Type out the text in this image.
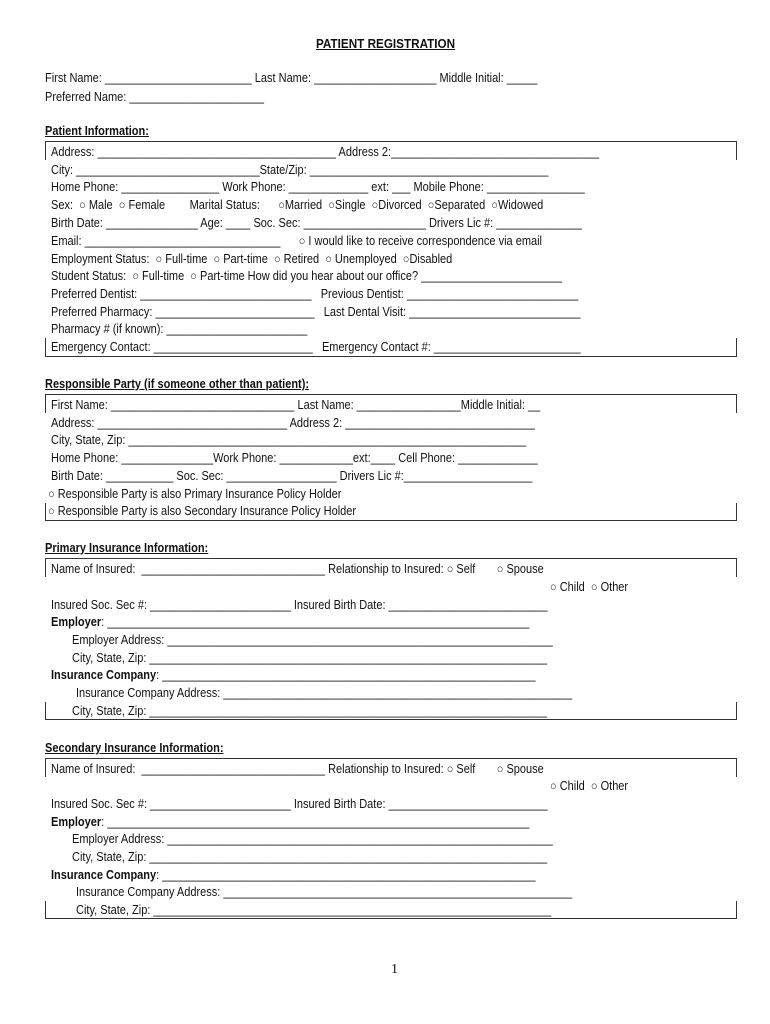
PATIENT REGISTRATION
First Name: ________________________ Last Name: ____________________ Middle Initial: _____
Preferred Name: ______________________
Patient Information:
Address: _______________________________________ Address 2:__________________________________
City: ______________________________State/Zip: _______________________________________
Home Phone: ________________ Work Phone: _____________ ext: ___ Mobile Phone: ________________
Sex:  ○ Male  ○ Female        Marital Status:      ○Married  ○Single  ○Divorced  ○Separated  ○Widowed
Birth Date: _______________ Age: ____ Soc. Sec: ____________________ Drivers Lic #: ______________
Email: ________________________________      ○ I would like to receive correspondence via email
Employment Status:  ○ Full-time  ○ Part-time  ○ Retired  ○ Unemployed  ○Disabled
Student Status:  ○ Full-time  ○ Part-time How did you hear about our office? _______________________
Preferred Dentist: ____________________________   Previous Dentist: ____________________________
Preferred Pharmacy: __________________________   Last Dental Visit: ____________________________
Pharmacy # (if known): _______________________
Emergency Contact: __________________________   Emergency Contact #: ________________________
Responsible Party (if someone other than patient):
First Name: ______________________________ Last Name: _________________Middle Initial: __
Address: _______________________________ Address 2: _______________________________
City, State, Zip: _________________________________________________________________
Home Phone: _______________Work Phone: ____________ext:____ Cell Phone: _____________
Birth Date: ___________ Soc. Sec: __________________ Drivers Lic #:_____________________
○ Responsible Party is also Primary Insurance Policy Holder
○ Responsible Party is also Secondary Insurance Policy Holder
Primary Insurance Information:
Name of Insured:  ______________________________ Relationship to Insured: ○ Self       ○ Spouse
○ Child  ○ Other
Insured Soc. Sec #: _______________________ Insured Birth Date: __________________________
Employer: _____________________________________________________________________
Employer Address: _______________________________________________________________
City, State, Zip: _________________________________________________________________
Insurance Company: _____________________________________________________________
Insurance Company Address: _________________________________________________________
City, State, Zip: _________________________________________________________________
Secondary Insurance Information:
Name of Insured:  ______________________________ Relationship to Insured: ○ Self       ○ Spouse
○ Child  ○ Other
Insured Soc. Sec #: _______________________ Insured Birth Date: __________________________
Employer: _____________________________________________________________________
Employer Address: _______________________________________________________________
City, State, Zip: _________________________________________________________________
Insurance Company: _____________________________________________________________
Insurance Company Address: _________________________________________________________
City, State, Zip: _________________________________________________________________
1
